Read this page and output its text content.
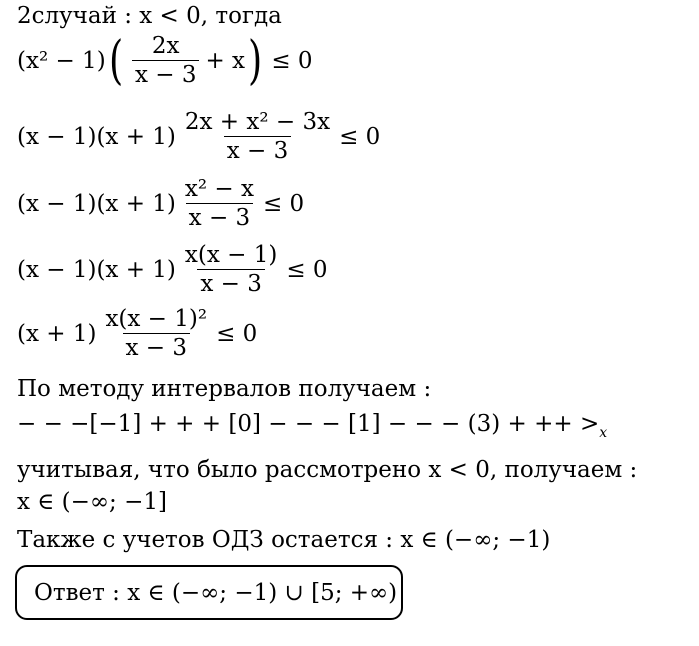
2случай : x < 0, тогда
(x² − 1) ( $\frac{2x}{x - 3} + x$ ) ≤ 0
$(x - 1)(x + 1) \frac{\text{2x + x² − 3x}}{x - 3} \le 0$
$(x - 1)(x + 1) \frac{\text{x² − x}}{x - 3} \le 0$
$(x - 1)(x + 1) \frac{x(x - 1)}{x - 3} \le 0$
$(x + 1) \frac{\text{x(x − 1)²}}{x - 3} \le 0$
По методу интервалов получаем :
− − −[−1] + + + [0] − − − [1] − − − (3) + ++ $>_x$
учитывая, что было рассмотрено x < 0, получаем :
x ∈ (−∞; −1]
Также с учетов ОДЗ остается : x ∈ (−∞; −1)
Ответ : x ∈ (−∞; −1) ∪ [5; +∞)
